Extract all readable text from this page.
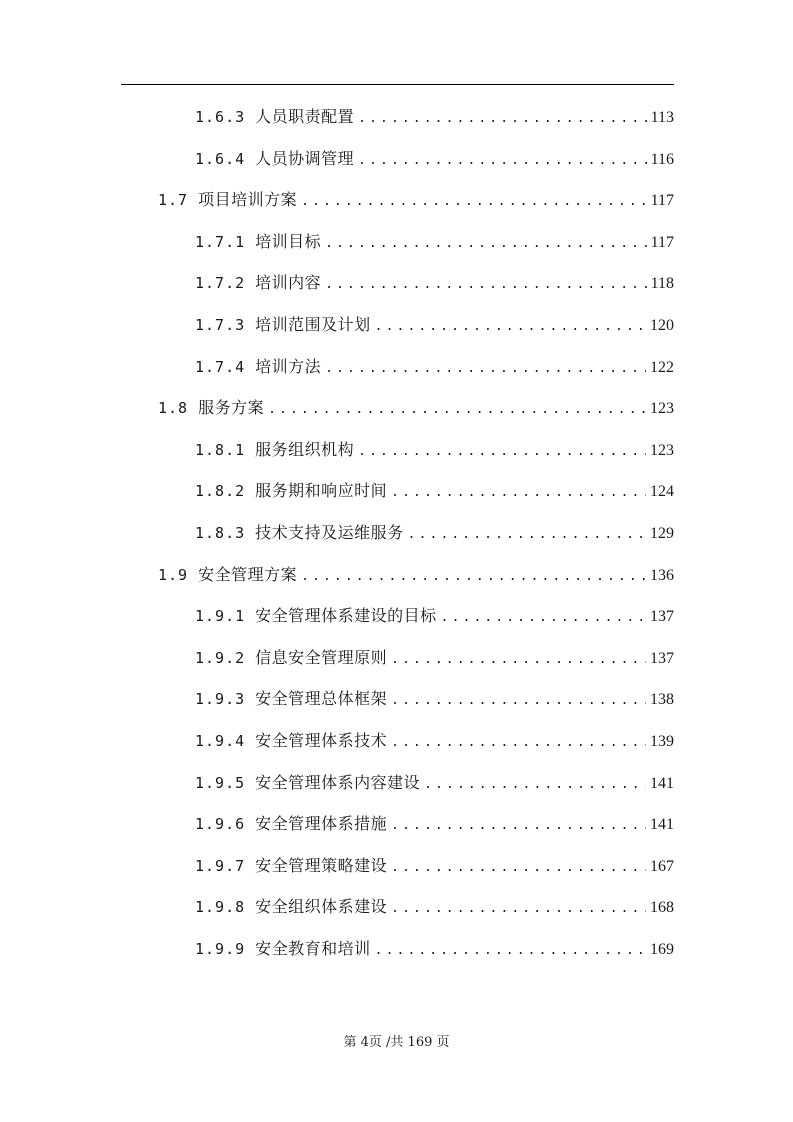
1.6.3 人员职责配置 .....	113
1.6.4 人员协调管理 .....	116
1.7 项目培训方案 .....	117
1.7.1 培训目标 .....	117
1.7.2 培训内容 .....	118
1.7.3 培训范围及计划 .....	120
1.7.4 培训方法 .....	122
1.8 服务方案 .....	123
1.8.1 服务组织机构 .....	123
1.8.2 服务期和响应时间 .....	124
1.8.3 技术支持及运维服务 .....	129
1.9 安全管理方案 .....	136
1.9.1 安全管理体系建设的目标 .....	137
1.9.2 信息安全管理原则 .....	137
1.9.3 安全管理总体框架 .....	138
1.9.4 安全管理体系技术 .....	139
1.9.5 安全管理体系内容建设 .....	141
1.9.6 安全管理体系措施 .....	141
1.9.7 安全管理策略建设 .....	167
1.9.8 安全组织体系建设 .....	168
1.9.9 安全教育和培训 .....	169
第 4页 /共 169 页
